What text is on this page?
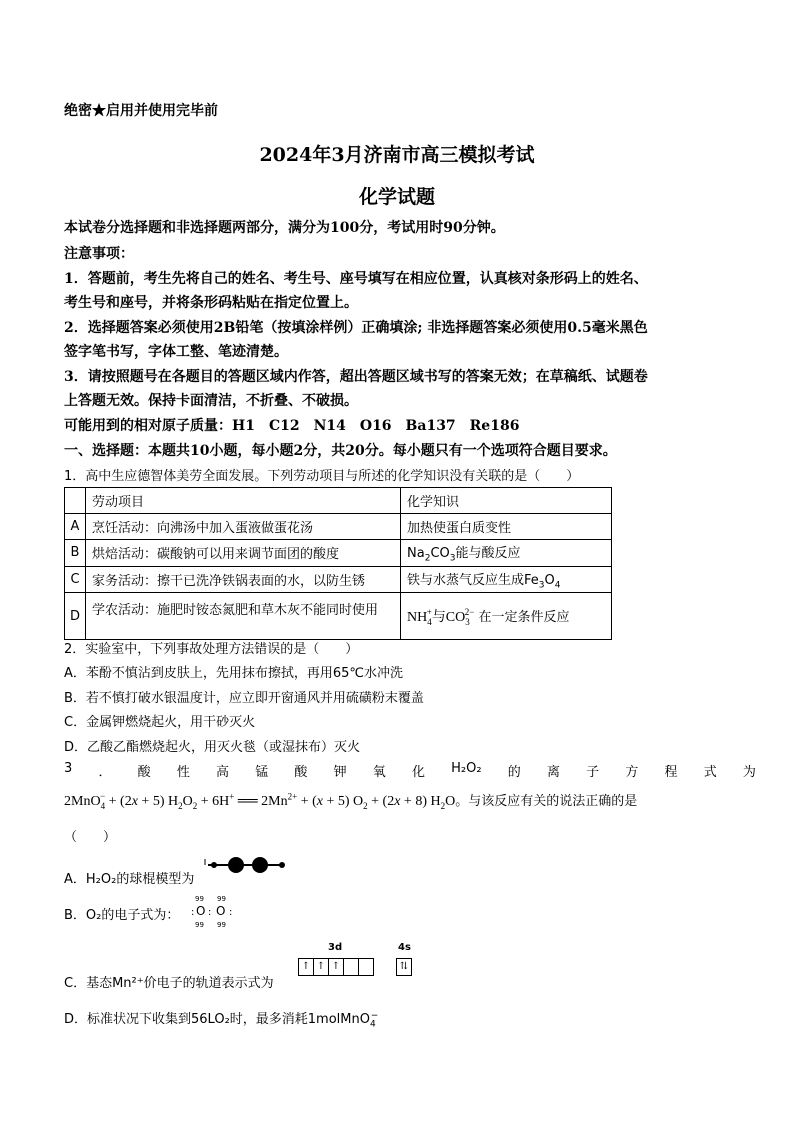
绝密★启用并使用完毕前
2024年3月济南市高三模拟考试
化学试题
本试卷分选择题和非选择题两部分，满分为100分，考试用时90分钟。
注意事项：
1．答题前，考生先将自己的姓名、考生号、座号填写在相应位置，认真核对条形码上的姓名、
考生号和座号，并将条形码粘贴在指定位置上。
2．选择题答案必须使用2B铅笔（按填涂样例）正确填涂; 非选择题答案必须使用0.5毫米黑色
签字笔书写，字体工整、笔迹清楚。
3．请按照题号在各题目的答题区域内作答，超出答题区域书写的答案无效；在草稿纸、试题卷
上答题无效。保持卡面清洁，不折叠、不破损。
可能用到的相对原子质量：H1　C12　N14　O16　Ba137　Re186
一、选择题：本题共10小题，每小题2分，共20分。每小题只有一个选项符合题目要求。
1．高中生应德智体美劳全面发展。下列劳动项目与所述的化学知识没有关联的是（　　）
	劳动项目	化学知识
A	烹饪活动：向沸汤中加入蛋液做蛋花汤	加热使蛋白质变性
B	烘焙活动：碳酸钠可以用来调节面团的酸度	$Na_2CO_3$能与酸反应
C	家务活动：擦干已洗净铁锅表面的水，以防生锈	铁与水蒸气反应生成$Fe_3O_4$
D	学农活动：施肥时铵态氮肥和草木灰不能同时使用	$NH_4^+$与$CO_3^{2-}$ 在一定条件反应
2．实验室中，下列事故处理方法错误的是（　　）
A．苯酚不慎沾到皮肤上，先用抹布擦拭，再用65℃水冲洗
B．若不慎打破水银温度计，应立即开窗通风并用硫磺粉末覆盖
C．金属钾燃烧起火，用干砂灭火
D．乙酸乙酯燃烧起火，用灭火毯（或湿抹布）灭火
3 ． 酸 性 高 锰 酸 钾 氧 化 H₂O₂ 的 离 子 方 程 式 为
2MnO$_4$− + (2x + 5) $H_2O_2 + 6H^+$ ══ $2Mn^{2+} + (x + 5) O_2 + (2x + 8)$ $H_2O$。与该反应有关的说法正确的是
（　　）
A．H₂O₂的球棍模型为
B．O₂的电子式为：
99 99
: O : O :
99 99
C．基态Mn²⁺价电子的轨道表示式为
3d	4s
↑ ↑ ↑	⇅
D．标准状况下收集到56LO₂时，最多消耗1molMnO$_4$−
